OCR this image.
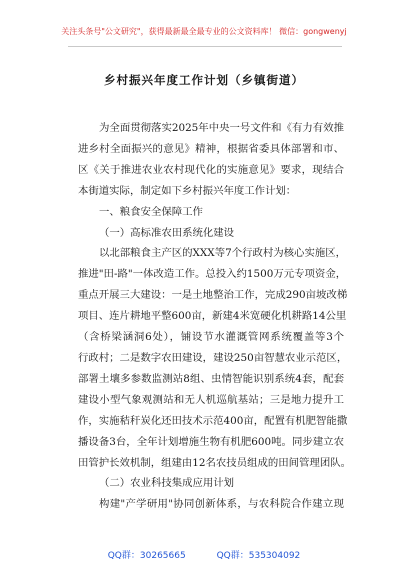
关注头条号"公文研究"，获得最新最全最专业的公文资料库！ 微信：gongwenyj
乡村振兴年度工作计划（乡镇街道）

为全面贯彻落实2025年中央一号文件和《有力有效推

进乡村全面振兴的意见》精神，根据省委具体部署和市、

区《关于推进农业农村现代化的实施意见》要求，现结合

本街道实际，制定如下乡村振兴年度工作计划：

一、粮食安全保障工作

（一）高标准农田系统化建设

以北部粮食主产区的XXX等7个行政村为核心实施区，

推进"田-路"一体改造工作。总投入约1500万元专项资金，

重点开展三大建设：一是土地整治工作，完成290亩坡改梯

项目、连片耕地平整600亩，新建4米宽硬化机耕路14公里

（含桥梁涵洞6处），铺设节水灌溉管网系统覆盖等3个

行政村；二是数字农田建设，建设250亩智慧农业示范区，

部署土壤多参数监测站8组、虫情智能识别系统4套，配套

建设小型气象观测站和无人机巡航基站；三是地力提升工

作，实施秸秆炭化还田技术示范400亩，配置有机肥智能撒

播设备3台，全年计划增施生物有机肥600吨。同步建立农

田管护长效机制，组建由12名农技员组成的田间管理团队。

（二）农业科技集成应用计划

构建"产学研用"协同创新体系，与农科院合作建立现

QQ群：30265665	QQ群：535304092
